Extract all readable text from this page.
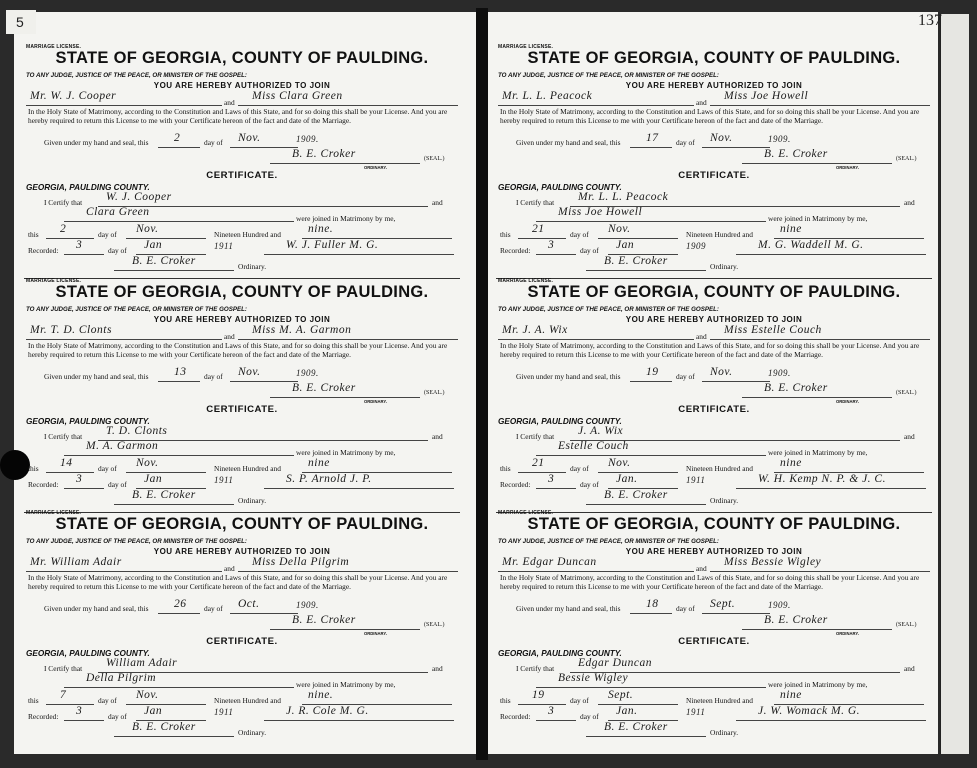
5	137
MARRIAGE LICENSE.
STATE OF GEORGIA, COUNTY OF PAULDING.
TO ANY JUDGE, JUSTICE OF THE PEACE, OR MINISTER OF THE GOSPEL:
YOU ARE HEREBY AUTHORIZED TO JOIN
Mr. W. J. Cooper
and
Miss Clara Green
In the Holy State of Matrimony, according to the Constitution and Laws of this State, and for so doing this shall be your License. And you are hereby required to return this License to me with your Certificate hereon of the fact and date of the Marriage.
Given under my hand and seal, this 2	day of Nov.	1909.
B. E. Croker	(SEAL.)
ORDINARY.
CERTIFICATE.
GEORGIA, PAULDING COUNTY.
I Certify that W. J. Cooper	and
Clara Green
were joined in Matrimony by me,
this 2	day of Nov.	Nineteen Hundred and nine.
Recorded: 3	day of Jan	1911	W. J. Fuller M. G.
B. E. Croker	Ordinary.
MARRIAGE LICENSE.
STATE OF GEORGIA, COUNTY OF PAULDING.
TO ANY JUDGE, JUSTICE OF THE PEACE, OR MINISTER OF THE GOSPEL:
YOU ARE HEREBY AUTHORIZED TO JOIN
Mr. L. L. Peacock
and
Miss Joe Howell
In the Holy State of Matrimony, according to the Constitution and Laws of this State, and for so doing this shall be your License. And you are hereby required to return this License to me with your Certificate hereon of the fact and date of the Marriage.
Given under my hand and seal, this 17 day of Nov.	1909.
B. E. Croker	(SEAL.)
ORDINARY.
CERTIFICATE.
GEORGIA, PAULDING COUNTY.
I Certify that Mr. L. L. Peacock	and
Miss Joe Howell
were joined in Matrimony by me,
this 21	day of Nov.	Nineteen Hundred and nine
Recorded: 3	day of Jan	1909	M. G. Waddell M. G.
B. E. Croker	Ordinary.
MARRIAGE LICENSE.
STATE OF GEORGIA, COUNTY OF PAULDING.
TO ANY JUDGE, JUSTICE OF THE PEACE, OR MINISTER OF THE GOSPEL:
YOU ARE HEREBY AUTHORIZED TO JOIN
Mr. T. D. Clonts
and
Miss M. A. Garmon
In the Holy State of Matrimony, according to the Constitution and Laws of this State, and for so doing this shall be your License. And you are hereby required to return this License to me with your Certificate hereon of the fact and date of the Marriage.
Given under my hand and seal, this 13 day of Nov.	1909.
B. E. Croker	(SEAL.)
ORDINARY.
CERTIFICATE.
GEORGIA, PAULDING COUNTY.
I Certify that T. D. Clonts	and
M. A. Garmon
were joined in Matrimony by me,
this 14	day of Nov.	Nineteen Hundred and nine
Recorded: 3	day of Jan	1911	S. P. Arnold J. P.
B. E. Croker	Ordinary.
MARRIAGE LICENSE.
STATE OF GEORGIA, COUNTY OF PAULDING.
TO ANY JUDGE, JUSTICE OF THE PEACE, OR MINISTER OF THE GOSPEL:
YOU ARE HEREBY AUTHORIZED TO JOIN
Mr. J. A. Wix
and
Miss Estelle Couch
In the Holy State of Matrimony, according to the Constitution and Laws of this State, and for so doing this shall be your License. And you are hereby required to return this License to me with your Certificate hereon of the fact and date of the Marriage.
Given under my hand and seal, this 19 day of Nov.	1909.
B. E. Croker	(SEAL.)
ORDINARY.
CERTIFICATE.
GEORGIA, PAULDING COUNTY.
I Certify that J. A. Wix	and
Estelle Couch
were joined in Matrimony by me,
this 21	day of Nov.	Nineteen Hundred and nine
Recorded: 3	day of Jan.	1911	W. H. Kemp N. P. & J. C.
B. E. Croker	Ordinary.
MARRIAGE LICENSE.
STATE OF GEORGIA, COUNTY OF PAULDING.
TO ANY JUDGE, JUSTICE OF THE PEACE, OR MINISTER OF THE GOSPEL:
YOU ARE HEREBY AUTHORIZED TO JOIN
Mr. William Adair
and
Miss Della Pilgrim
In the Holy State of Matrimony, according to the Constitution and Laws of this State, and for so doing this shall be your License. And you are hereby required to return this License to me with your Certificate hereon of the fact and date of the Marriage.
Given under my hand and seal, this 26 day of Oct.	1909.
B. E. Croker	(SEAL.)
ORDINARY.
CERTIFICATE.
GEORGIA, PAULDING COUNTY.
I Certify that William Adair	and
Della Pilgrim
were joined in Matrimony by me,
this 7	day of Nov.	Nineteen Hundred and nine.
Recorded: 3	day of Jan	1911	J. R. Cole M. G.
B. E. Croker	Ordinary.
MARRIAGE LICENSE.
STATE OF GEORGIA, COUNTY OF PAULDING.
TO ANY JUDGE, JUSTICE OF THE PEACE, OR MINISTER OF THE GOSPEL:
YOU ARE HEREBY AUTHORIZED TO JOIN
Mr. Edgar Duncan
and
Miss Bessie Wigley
In the Holy State of Matrimony, according to the Constitution and Laws of this State, and for so doing this shall be your License. And you are hereby required to return this License to me with your Certificate hereon of the fact and date of the Marriage.
Given under my hand and seal, this 18 day of Sept.	1909.
B. E. Croker	(SEAL.)
ORDINARY.
CERTIFICATE.
GEORGIA, PAULDING COUNTY.
I Certify that Edgar Duncan	and
Bessie Wigley
were joined in Matrimony by me,
this 19	day of Sept.	Nineteen Hundred and nine
Recorded: 3	day of Jan.	1911	J. W. Womack M. G.
B. E. Croker	Ordinary.
